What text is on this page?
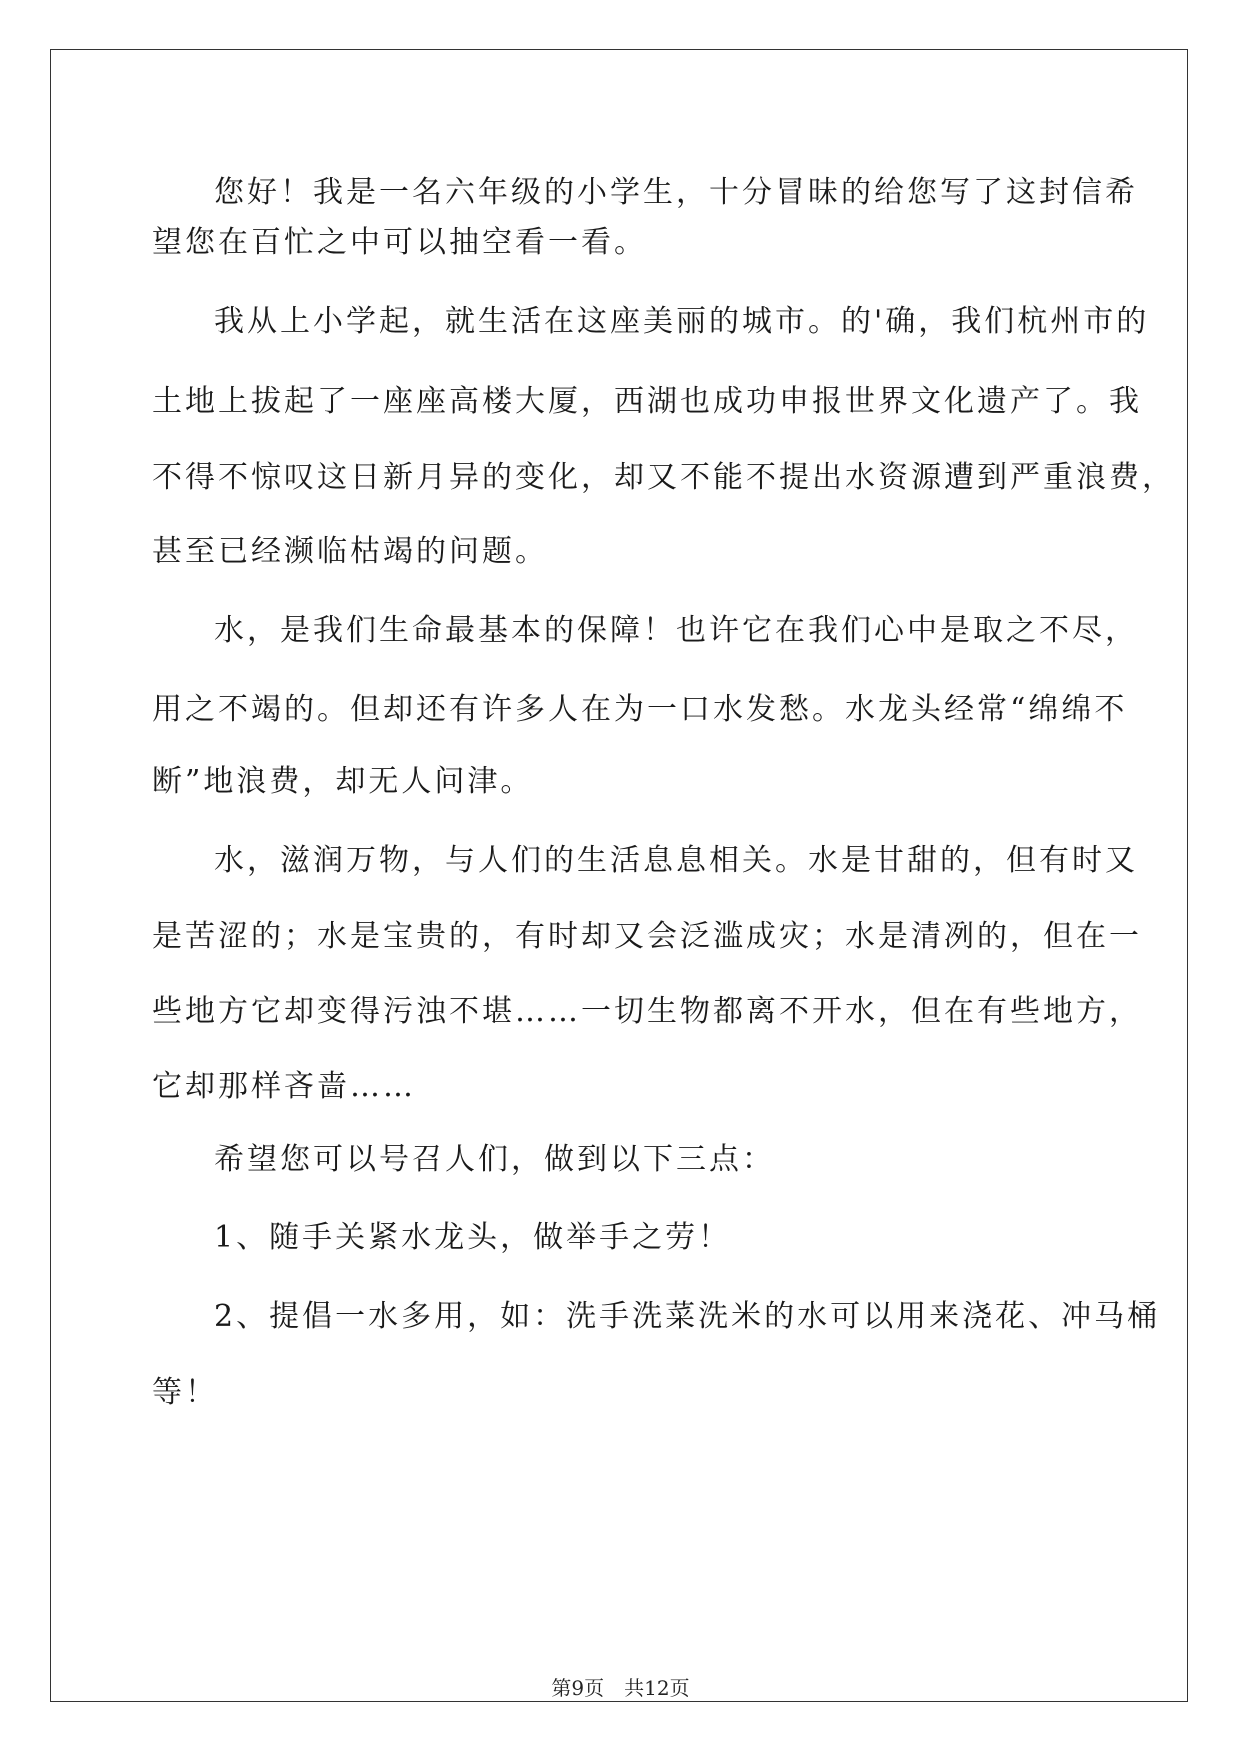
您好！我是一名六年级的小学生，十分冒昧的给您写了这封信希
望您在百忙之中可以抽空看一看。
我从上小学起，就生活在这座美丽的城市。的'确，我们杭州市的
土地上拔起了一座座高楼大厦，西湖也成功申报世界文化遗产了。我
不得不惊叹这日新月异的变化，却又不能不提出水资源遭到严重浪费，
甚至已经濒临枯竭的问题。
水，是我们生命最基本的保障！也许它在我们心中是取之不尽，
用之不竭的。但却还有许多人在为一口水发愁。水龙头经常“绵绵不
断”地浪费，却无人问津。
水，滋润万物，与人们的生活息息相关。水是甘甜的，但有时又
是苦涩的；水是宝贵的，有时却又会泛滥成灾；水是清冽的，但在一
些地方它却变得污浊不堪……一切生物都离不开水，但在有些地方，
它却那样吝啬……
希望您可以号召人们，做到以下三点：
1、随手关紧水龙头，做举手之劳！
2、提倡一水多用，如：洗手洗菜洗米的水可以用来浇花、冲马桶
等！
第9页　共12页
